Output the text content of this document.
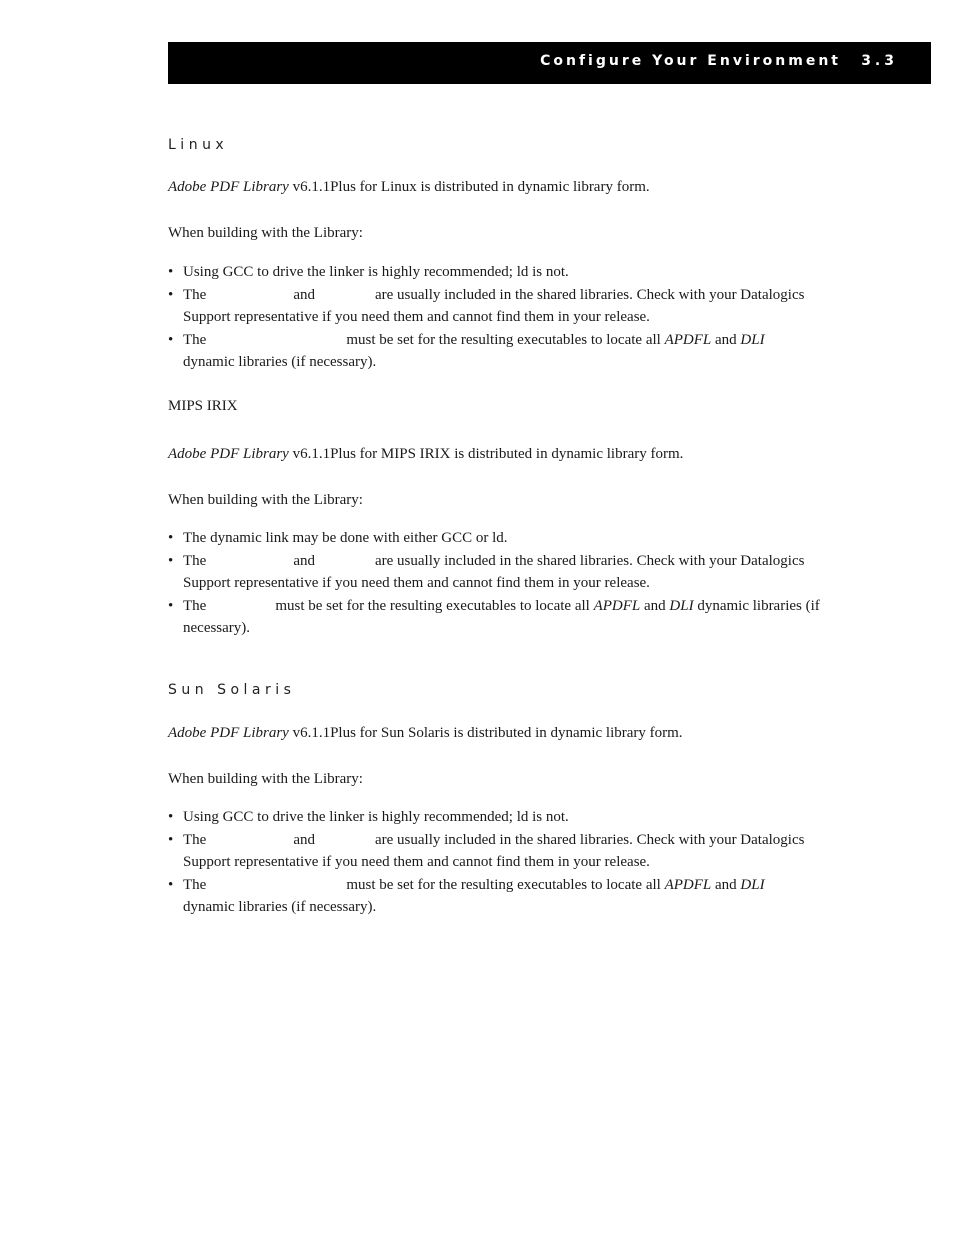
Configure Your Environment 3.3
Linux

Adobe PDF Library v6.1.1Plus for Linux is distributed in dynamic library form.

When building with the Library:

• Using GCC to drive the linker is highly recommended; ld is not.
• The	and	are usually included in the shared libraries. Check with your Datalogics Support representative if you need them and cannot find them in your release.
• The	must be set for the resulting executables to locate all APDFL and DLI
dynamic libraries (if necessary).
MIPS IRIX

Adobe PDF Library v6.1.1Plus for MIPS IRIX is distributed in dynamic library form.

When building with the Library:

• The dynamic link may be done with either GCC or ld.
• The	and	are usually included in the shared libraries. Check with your Datalogics Support representative if you need them and cannot find them in your release.
• The	must be set for the resulting executables to locate all APDFL and DLI dynamic libraries (if necessary).
Sun Solaris

Adobe PDF Library v6.1.1Plus for Sun Solaris is distributed in dynamic library form.

When building with the Library:

• Using GCC to drive the linker is highly recommended; ld is not.
• The	and	are usually included in the shared libraries. Check with your Datalogics Support representative if you need them and cannot find them in your release.
• The	must be set for the resulting executables to locate all APDFL and DLI
dynamic libraries (if necessary).
